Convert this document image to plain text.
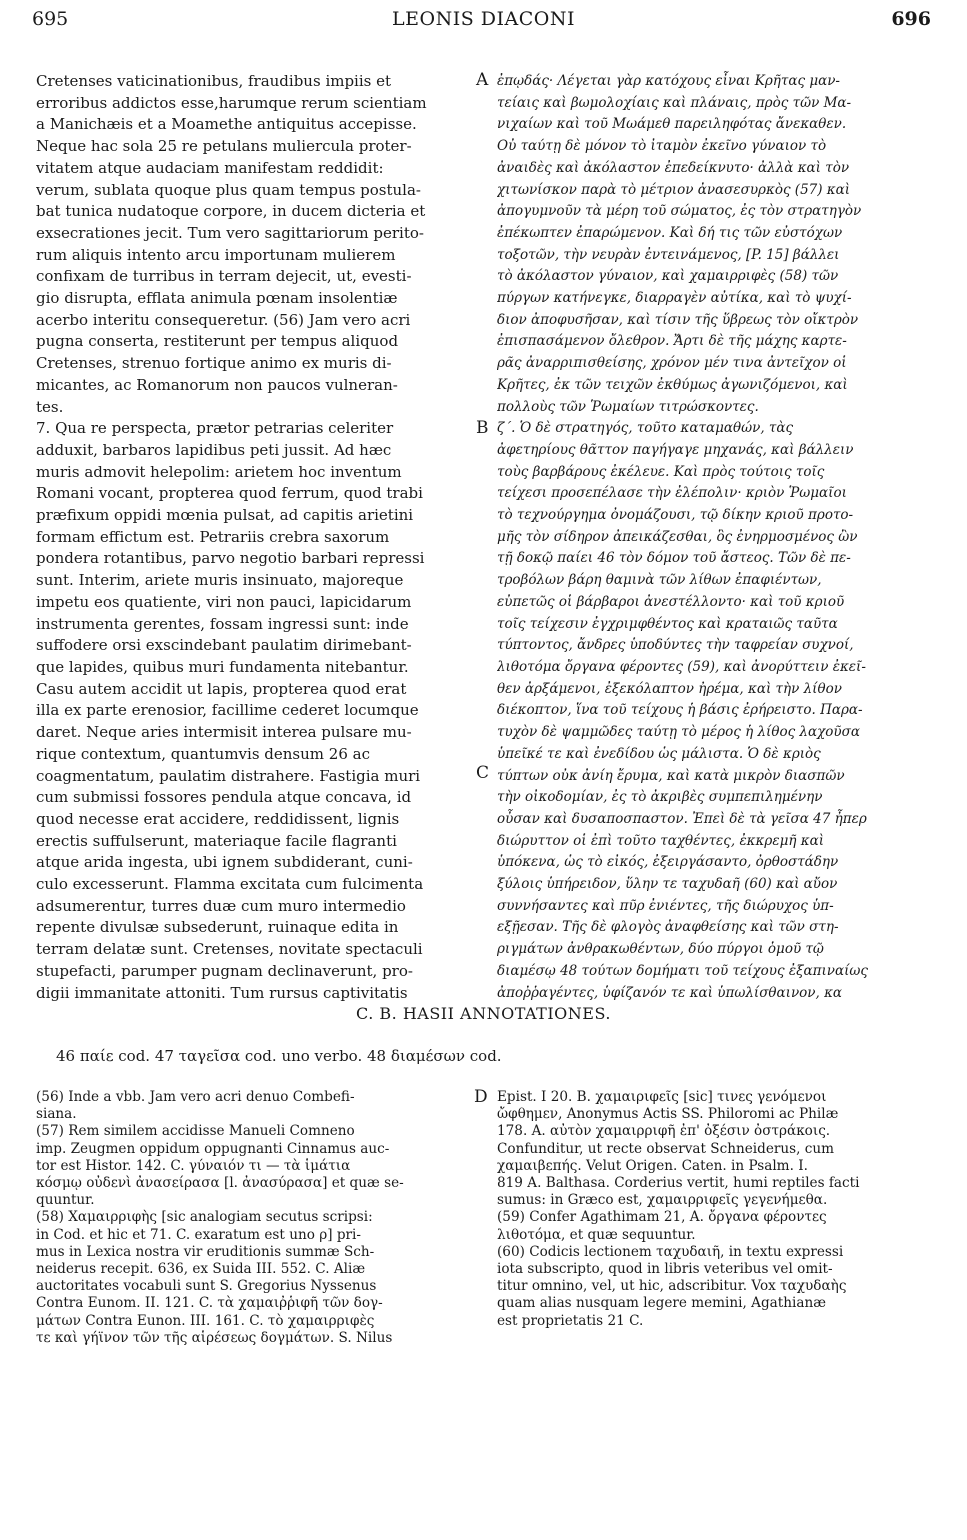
695	LEONIS DIACONI	696
Cretenses vaticinationibus, fraudibus impiis et
erroribus addictos esse,harumque rerum scientiam
a Manichæis et a Moamethe antiquitus accepisse.
Neque hac sola 25 re petulans muliercula proter-
vitatem atque audaciam manifestam reddidit:
verum, sublata quoque plus quam tempus postula-
bat tunica nudatoque corpore, in ducem dicteria et
exsecrationes jecit. Tum vero sagittariorum perito-
rum aliquis intento arcu importunam mulierem
confixam de turribus in terram dejecit, ut, evesti-
gio disrupta, efflata animula pœnam insolentiæ
acerbo interitu consequeretur. (56) Jam vero acri
pugna conserta, restiterunt per tempus aliquod
Cretenses, strenuo fortique animo ex muris di-
micantes, ac Romanorum non paucos vulneran-
tes.
7. Qua re perspecta, prætor petrarias celeriter
adduxit, barbaros lapidibus peti jussit. Ad hæc
muris admovit helepolim: arietem hoc inventum
Romani vocant, propterea quod ferrum, quod trabi
præfixum oppidi mœnia pulsat, ad capitis arietini
formam effictum est. Petrariis crebra saxorum
pondera rotantibus, parvo negotio barbari repressi
sunt. Interim, ariete muris insinuato, majoreque
impetu eos quatiente, viri non pauci, lapicidarum
instrumenta gerentes, fossam ingressi sunt: inde
suffodere orsi exscindebant paulatim dirimebant-
que lapides, quibus muri fundamenta nitebantur.
Casu autem accidit ut lapis, propterea quod erat
illa ex parte erenosior, facillime cederet locumque
daret. Neque aries intermisit interea pulsare mu-
rique contextum, quantumvis densum 26 ac
coagmentatum, paulatim distrahere. Fastigia muri
cum submissi fossores pendula atque concava, id
quod necesse erat accidere, reddidissent, lignis
erectis suffulserunt, materiaque facile flagranti
atque arida ingesta, ubi ignem subdiderant, cuni-
culo excesserunt. Flamma excitata cum fulcimenta
adsumerentur, turres duæ cum muro intermedio
repente divulsæ subsederunt, ruinaque edita in
terram delatæ sunt. Cretenses, novitate spectaculi
stupefacti, parumper pugnam declinaverunt, pro-
digii immanitate attoniti. Tum rursus captivitatis
ἐπῳδάς· Λέγεται γὰρ κατόχους εἶναι Κρῆτας μαν-
τείαις καὶ βωμολοχίαις καὶ πλάναις, πρὸς τῶν Μα-
νιχαίων καὶ τοῦ Μωάμεθ παρειληφότας ἄνεκαθεν.
Οὐ ταύτῃ δὲ μόνον τὸ ἰταμὸν ἐκεῖνο γύναιον τὸ
ἀναιδὲς καὶ ἀκόλαστον ἐπεδείκνυτο· ἀλλὰ καὶ τὸν
χιτωνίσκον παρὰ τὸ μέτριον ἀνασεσυρκὸς (57) καὶ
ἀπογυμνοῦν τὰ μέρη τοῦ σώματος, ἐς τὸν στρατηγὸν
ἐπέκωπτεν ἐπαρώμενον. Καὶ δή τις τῶν εὐστόχων
τοξοτῶν, τὴν νευρὰν ἐντεινάμενος, [P. 15] βάλλει
τὸ ἀκόλαστον γύναιον, καὶ χαμαιρριφὲς (58) τῶν
πύργων κατήνεγκε, διαρραγὲν αὐτίκα, καὶ τὸ ψυχί-
διον ἀποφυσῆσαν, καὶ τίσιν τῆς ὕβρεως τὸν οἴκτρὸν
ἐπισπασάμενον ὄλεθρον. Ἄρτι δὲ τῆς μάχης καρτε-
ρᾶς ἀναρριπισθείσης, χρόνον μέν τινα ἀντεῖχον οἱ
Κρῆτες, ἐκ τῶν τειχῶν ἐκθύμως ἀγωνιζόμενοι, καὶ
πολλοὺς τῶν Ῥωμαίων τιτρώσκοντες.
ζ΄. Ὁ δὲ στρατηγός, τοῦτο καταμαθών, τὰς
ἀφετηρίους θᾶττον παγήγαγε μηχανάς, καὶ βάλλειν
τοὺς βαρβάρους ἐκέλευε. Καὶ πρὸς τούτοις τοῖς
τείχεσι προσεπέλασε τὴν ἐλέπολιν· κριὸν Ῥωμαῖοι
τὸ τεχνούργημα ὀνομάζουσι, τῷ δίκην κριοῦ προτο-
μῆς τὸν σίδηρον ἀπεικάζεσθαι, ὃς ἐνηρμοσμένος ὢν
τῇ δοκῷ παίει 46 τὸν δόμον τοῦ ἄστεος. Τῶν δὲ πε-
τροβόλων βάρη θαμινὰ τῶν λίθων ἐπαφιέντων,
εὐπετῶς οἱ βάρβαροι ἀνεστέλλοντο· καὶ τοῦ κριοῦ
τοῖς τείχεσιν ἐγχριμφθέντος καὶ κραταιῶς ταῦτα
τύπτοντος, ἄνδρες ὑποδύντες τὴν ταφρείαν συχνοί,
λιθοτόμα ὄργανα φέροντες (59), καὶ ἀνορύττειν ἐκεῖ-
θεν ἀρξάμενοι, ἐξεκόλαπτον ἠρέμα, καὶ τὴν λίθον
διέκοπτον, ἵνα τοῦ τείχους ἡ βάσις ἐρήρειστο. Παρα-
τυχὸν δὲ ψαμμῶδες ταύτῃ τὸ μέρος ἡ λίθος λαχοῦσα
ὑπεῖκέ τε καὶ ἐνεδίδου ὡς μάλιστα. Ὁ δὲ κριὸς
τύπτων οὐκ ἀνίη ἔρυμα, καὶ κατὰ μικρὸν διασπῶν
τὴν οἰκοδομίαν, ἐς τὸ ἀκριβὲς συμπεπιλημένην
οὖσαν καὶ δυσαποσπαστον. Ἐπεὶ δὲ τὰ γεῖσα 47 ἦπερ
διώρυττον οἱ ἐπὶ τοῦτο ταχθέντες, ἐκκρεμῆ καὶ
ὑπόκενα, ὡς τὸ εἰκός, ἐξειργάσαντο, ὀρθοστάδην
ξύλοις ὑπήρειδον, ὕλην τε ταχυδαῆ (60) καὶ αὔον
συννήσαντες καὶ πῦρ ἐνιέντες, τῆς διώρυχος ὑπ-
εξῇεσαν. Τῆς δὲ φλογὸς ἀναφθείσης καὶ τῶν στη-
ριγμάτων ἀνθρακωθέντων, δύο πύργοι ὁμοῦ τῷ
διαμέσῳ 48 τούτων δομήματι τοῦ τείχους ἐξαπιναίως
ἀποῤῥαγέντες, ὑφίζανόν τε καὶ ὑπωλίσθαινον, κα
A
B
C
C. B. HASII ANNOTATIONES.
46 παίε cod. 47 ταγεῖσα cod. uno verbo. 48 διαμέσων cod.
(56) Inde a vbb. Jam vero acri denuo Combefi-
siana.
(57) Rem similem accidisse Manueli Comneno
imp. Zeugmen oppidum oppugnanti Cinnamus auc-
tor est Histor. 142. C. γύναιόν τι — τὰ ἱμάτια
κόσμῳ οὐδενὶ ἀνασείρασα [l. ἀνασύρασα] et quæ se-
quuntur.
(58) Χαμαιρριφὴς [sic analogiam secutus scripsi:
in Cod. et hic et 71. C. exaratum est uno ρ] pri-
mus in Lexica nostra vir eruditionis summæ Sch-
neiderus recepit. 636, ex Suida III. 552. C. Aliæ
auctoritates vocabuli sunt S. Gregorius Nyssenus
Contra Eunom. II. 121. C. τὰ χαμαιῤῥιφῆ τῶν δογ-
μάτων Contra Eunon. III. 161. C. τὸ χαμαιρριφὲς
τε καὶ γήϊνον τῶν τῆς αἱρέσεως δογμάτων. S. Nilus
D Epist. I 20. B. χαμαιριφεῖς [sic] τινες γενόμενοι
ὤφθημεν, Anonymus Actis SS. Philoromi ac Philæ
178. A. αὐτὸν χαμαιρριφῆ ἐπ' ὀξέσιν ὀστράκοις.
Confunditur, ut recte observat Schneiderus, cum
χαμαιβεπής. Velut Origen. Caten. in Psalm. I.
819 A. Balthasa. Corderius vertit, humi reptiles facti
sumus: in Græco est, χαμαιρριφεῖς γεγενήμεθα.
(59) Confer Agathimam 21, A. ὄργανα φέροντες
λιθοτόμα, et quæ sequuntur.
(60) Codicis lectionem ταχυδαιῆ, in textu expressi
iota subscripto, quod in libris veteribus vel omit-
titur omnino, vel, ut hic, adscribitur. Vox ταχυδαὴς
quam alias nusquam legere memini, Agathianæ
est proprietatis 21 C.
